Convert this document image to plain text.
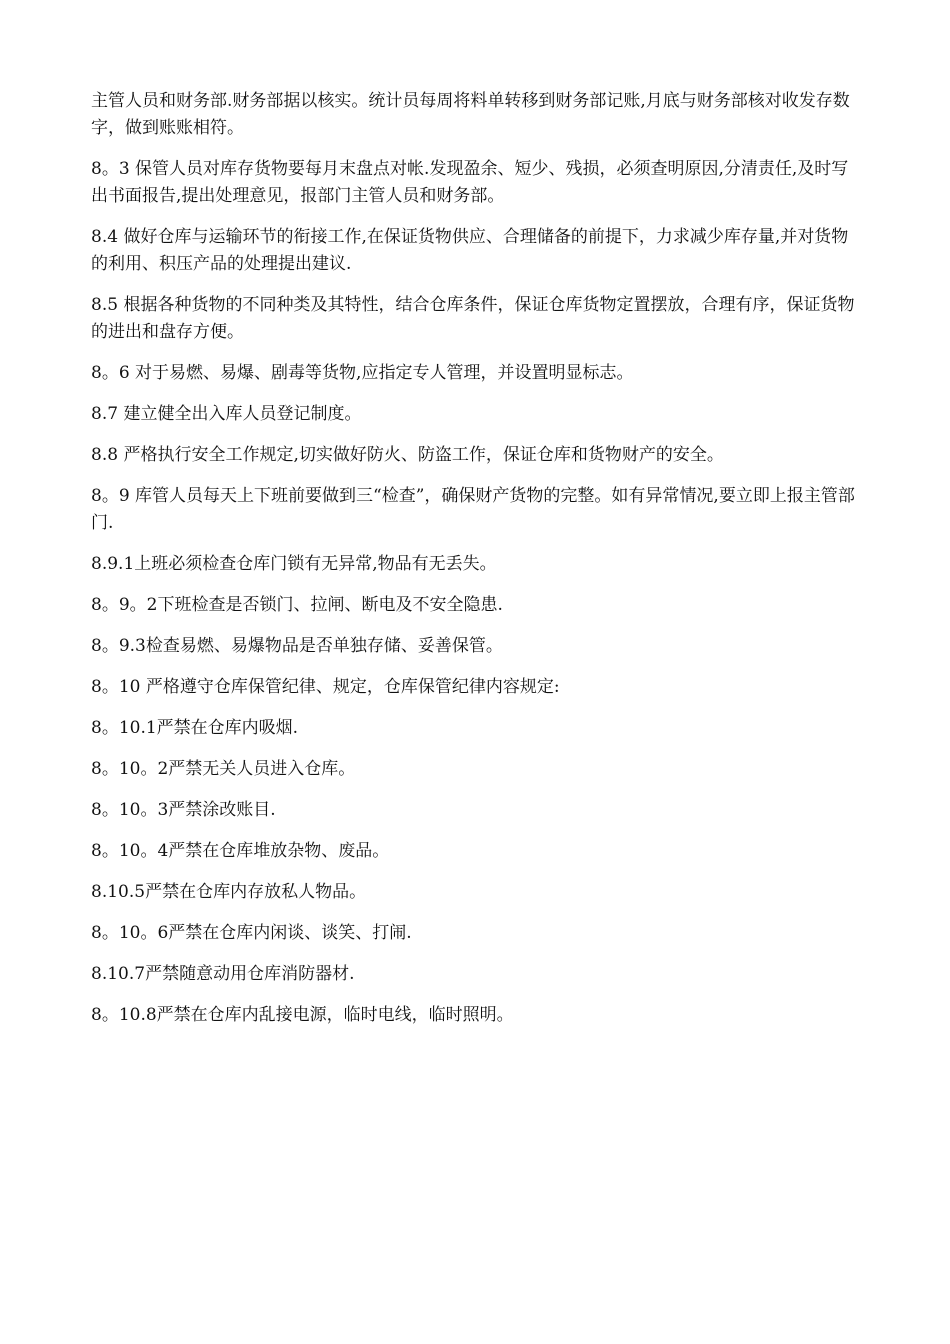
主管人员和财务部.财务部据以核实。统计员每周将料单转移到财务部记账,月底与财务部核对收发存数字，做到账账相符。

8。3 保管人员对库存货物要每月末盘点对帐.发现盈余、短少、残损，必须查明原因,分清责任,及时写出书面报告,提出处理意见，报部门主管人员和财务部。

8.4 做好仓库与运输环节的衔接工作,在保证货物供应、合理储备的前提下，力求减少库存量,并对货物的利用、积压产品的处理提出建议.

8.5 根据各种货物的不同种类及其特性，结合仓库条件，保证仓库货物定置摆放，合理有序，保证货物的进出和盘存方便。

8。6 对于易燃、易爆、剧毒等货物,应指定专人管理，并设置明显标志。

8.7 建立健全出入库人员登记制度。

8.8 严格执行安全工作规定,切实做好防火、防盗工作，保证仓库和货物财产的安全。

8。9 库管人员每天上下班前要做到三“检查”，确保财产货物的完整。如有异常情况,要立即上报主管部门.

8.9.1上班必须检查仓库门锁有无异常,物品有无丢失。

8。9。2下班检查是否锁门、拉闸、断电及不安全隐患.

8。9.3检查易燃、易爆物品是否单独存储、妥善保管。

8。10 严格遵守仓库保管纪律、规定，仓库保管纪律内容规定:

8。10.1严禁在仓库内吸烟.

8。10。2严禁无关人员进入仓库。

8。10。3严禁涂改账目.

8。10。4严禁在仓库堆放杂物、废品。

8.10.5严禁在仓库内存放私人物品。

8。10。6严禁在仓库内闲谈、谈笑、打闹.

8.10.7严禁随意动用仓库消防器材.

8。10.8严禁在仓库内乱接电源，临时电线，临时照明。
